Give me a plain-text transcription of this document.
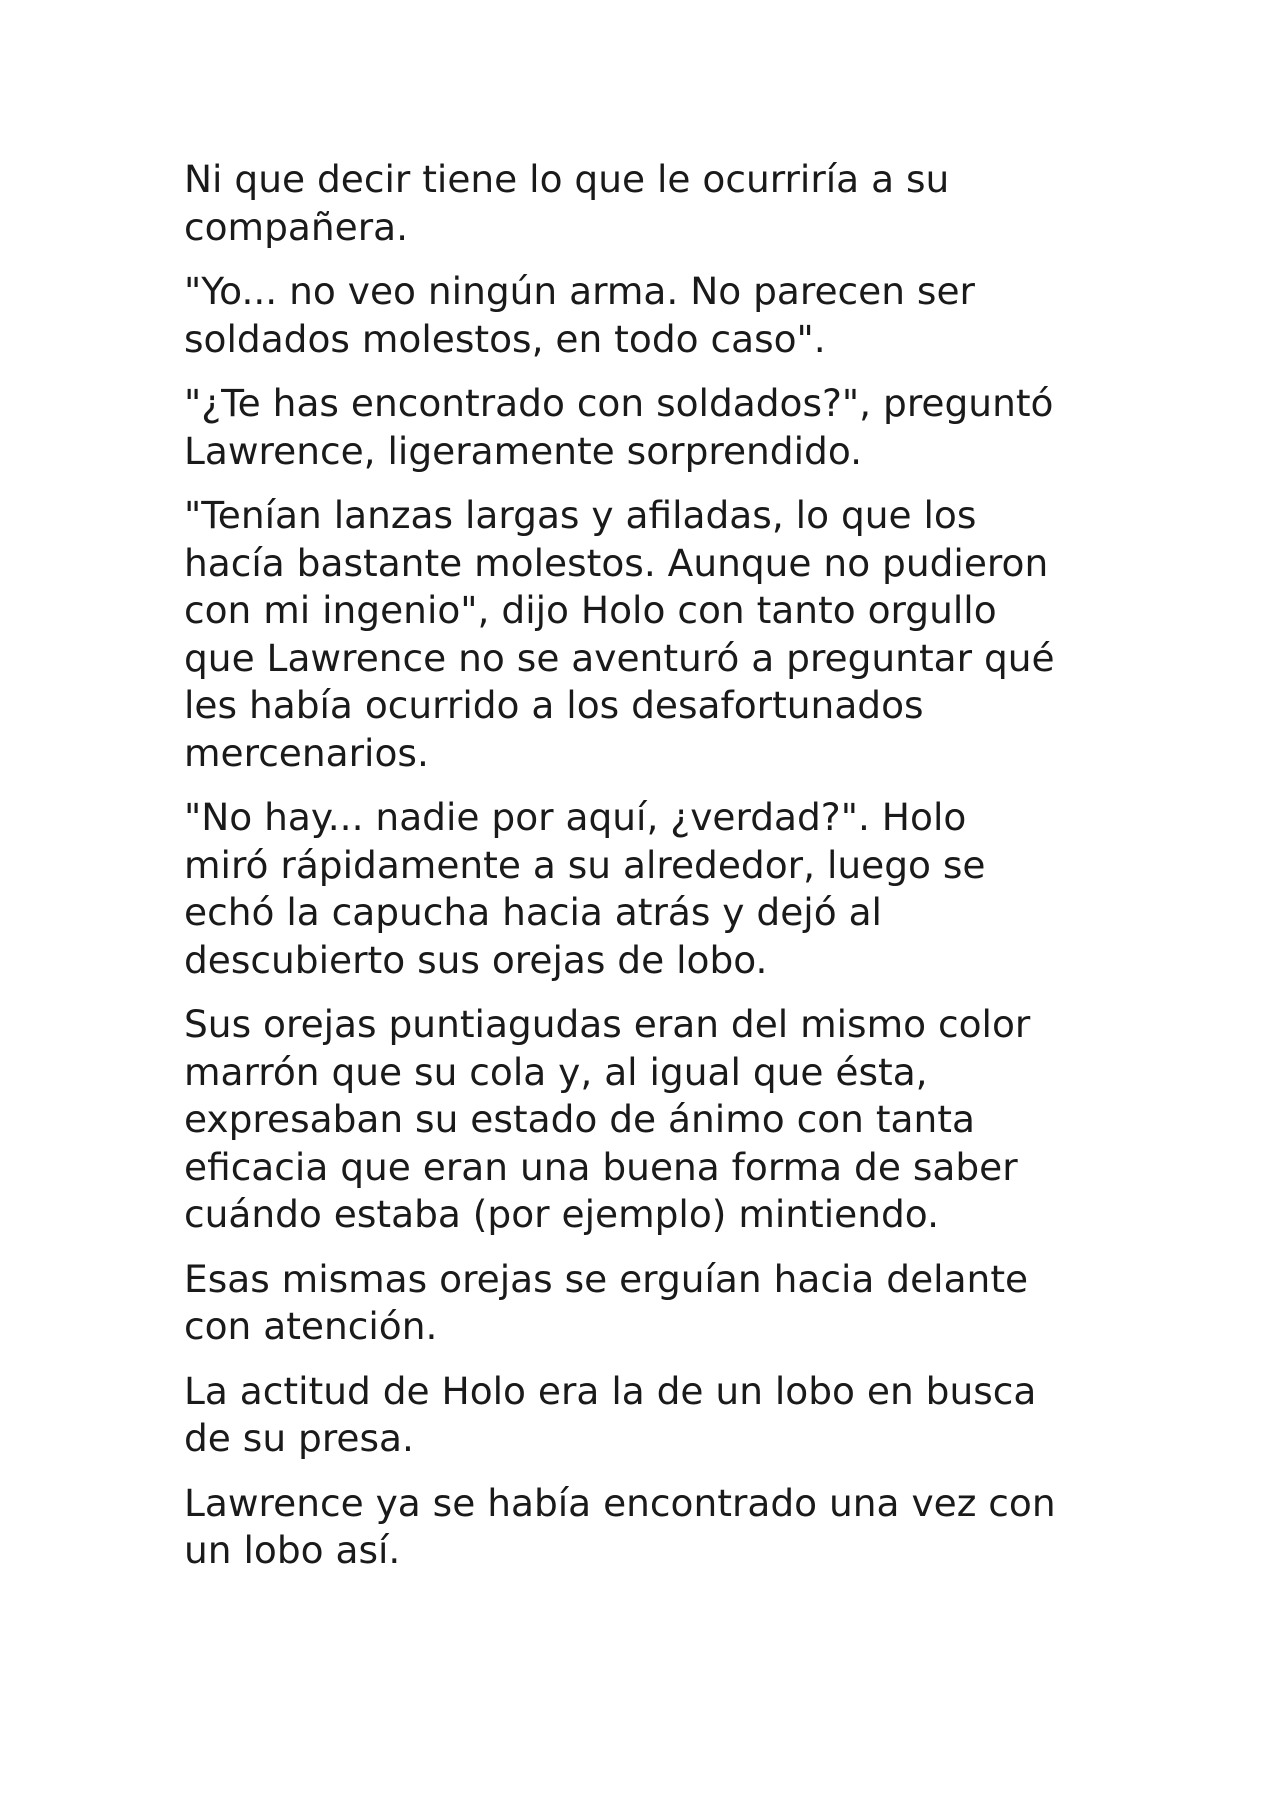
Ni que decir tiene lo que le ocurriría a su
compañera.

"Yo... no veo ningún arma. No parecen ser
soldados molestos, en todo caso".

"¿Te has encontrado con soldados?", preguntó
Lawrence, ligeramente sorprendido.

"Tenían lanzas largas y afiladas, lo que los
hacía bastante molestos. Aunque no pudieron
con mi ingenio", dijo Holo con tanto orgullo
que Lawrence no se aventuró a preguntar qué
les había ocurrido a los desafortunados
mercenarios.

"No hay... nadie por aquí, ¿verdad?". Holo
miró rápidamente a su alrededor, luego se
echó la capucha hacia atrás y dejó al
descubierto sus orejas de lobo.

Sus orejas puntiagudas eran del mismo color
marrón que su cola y, al igual que ésta,
expresaban su estado de ánimo con tanta
eficacia que eran una buena forma de saber
cuándo estaba (por ejemplo) mintiendo.

Esas mismas orejas se erguían hacia delante
con atención.

La actitud de Holo era la de un lobo en busca
de su presa.

Lawrence ya se había encontrado una vez con
un lobo así.
